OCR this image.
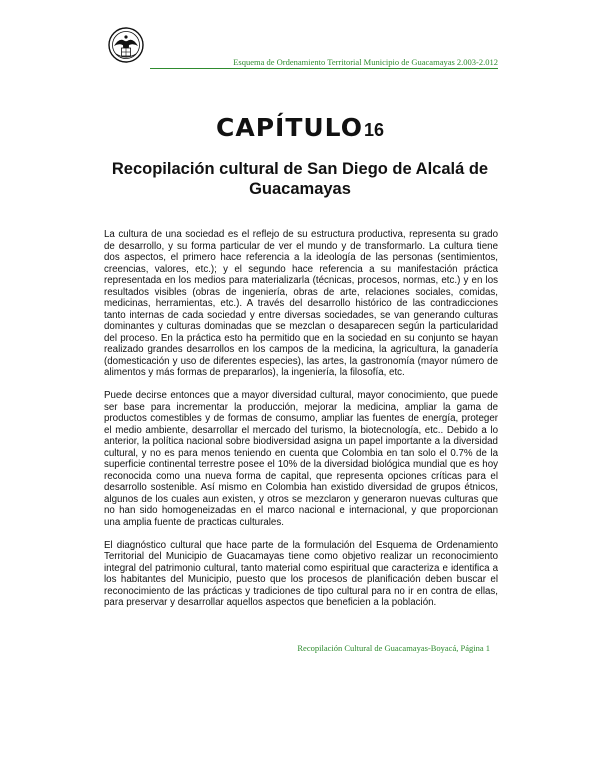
Esquema de Ordenamiento Territorial Municipio de Guacamayas 2.003-2.012
CAPÍTULO16
Recopilación cultural de San Diego de Alcalá de Guacamayas

La cultura de una sociedad es el reflejo de su estructura productiva, representa su grado de desarrollo, y su forma particular de ver el mundo y de transformarlo. La cultura tiene dos aspectos, el primero hace referencia a la ideología de las personas (sentimientos, creencias, valores, etc.); y el segundo hace referencia a su manifestación práctica representada en los medios para materializarla (técnicas, procesos, normas, etc.) y en los resultados visibles (obras de ingeniería, obras de arte, relaciones sociales, comidas, medicinas, herramientas, etc.). A través del desarrollo histórico de las contradicciones tanto internas de cada sociedad y entre diversas sociedades, se van generando culturas dominantes y culturas dominadas que se mezclan o desaparecen según la particularidad del proceso. En la práctica esto ha permitido que en la sociedad en su conjunto se hayan realizado grandes desarrollos en los campos de la medicina, la agricultura, la ganadería (domesticación y uso de diferentes especies), las artes, la gastronomía (mayor número de alimentos y más formas de prepararlos), la ingeniería, la filosofía, etc.

Puede decirse entonces que a mayor diversidad cultural, mayor conocimiento, que puede ser base para incrementar la producción, mejorar la medicina, ampliar la gama de productos comestibles y de formas de consumo, ampliar las fuentes de energía, proteger el medio ambiente, desarrollar el mercado del turismo, la biotecnología, etc.. Debido a lo anterior, la política nacional sobre biodiversidad asigna un papel importante a la diversidad cultural, y no es para menos teniendo en cuenta que Colombia en tan solo el 0.7% de la superficie continental terrestre posee el 10% de la diversidad biológica mundial que es hoy reconocida como una nueva forma de capital, que representa opciones críticas para el desarrollo sostenible. Así mismo en Colombia han existido diversidad de grupos étnicos, algunos de los cuales aun existen, y otros se mezclaron y generaron nuevas culturas que no han sido homogeneizadas en el marco nacional e internacional, y que proporcionan una amplia fuente de practicas culturales.

El diagnóstico cultural que hace parte de la formulación del Esquema de Ordenamiento Territorial del Municipio de Guacamayas tiene como objetivo realizar un reconocimiento integral del patrimonio cultural, tanto material como espiritual que caracteriza e identifica a los habitantes del Municipio, puesto que los procesos de planificación deben buscar el reconocimiento de las prácticas y tradiciones de tipo cultural para no ir en contra de ellas, para preservar y desarrollar aquellos aspectos que beneficien a la población.

Recopilación Cultural de Guacamayas-Boyacá, Página 1
